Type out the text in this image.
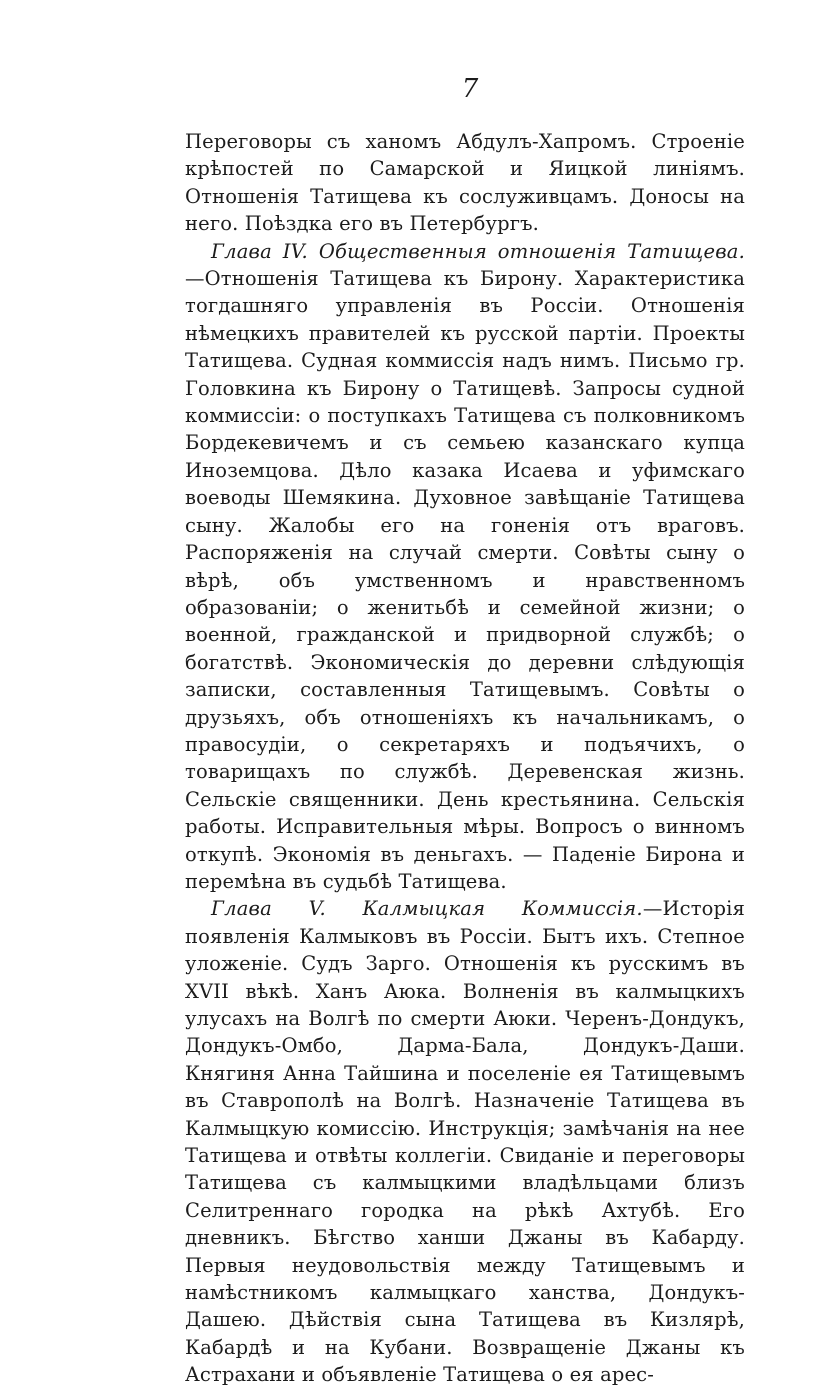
7

Переговоры съ ханомъ Абдулъ-Хапромъ. Строенiе крѣпостей по Самарской и Яицкой линiямъ. Отношенiя Татищева къ сослуживцамъ. Доносы на него. Поѣздка его въ Петербургъ.

Глава IV. Общественныя отношенiя Татищева.—Отношенiя Татищева къ Бирону. Характеристика тогдашняго управленiя въ Россiи. Отношенiя нѣмецкихъ правителей къ русской партiи. Проекты Татищева. Судная коммиссiя надъ нимъ. Письмо гр. Головкина къ Бирону о Татищевѣ. Запросы судной коммиссiи: о поступкахъ Татищева съ полковникомъ Бордекевичемъ и съ семьею казанскаго купца Иноземцова. Дѣло казака Исаева и уфимскаго воеводы Шемякина. Духовное завѣщанiе Татищева сыну. Жалобы его на гоненiя отъ враговъ. Распоряженiя на случай смерти. Совѣты сыну о вѣрѣ, объ умственномъ и нравственномъ образованiи; о женитьбѣ и семейной жизни; о военной, гражданской и придворной службѣ; о богатствѣ. Экономическiя до деревни слѣдующiя записки, составленныя Татищевымъ. Совѣты о друзьяхъ, объ отношенiяхъ къ начальникамъ, о правосудiи, о секретаряхъ и подъячихъ, о товарищахъ по службѣ. Деревенская жизнь. Сельскiе священники. День крестьянина. Сельскiя работы. Исправительныя мѣры. Вопросъ о винномъ откупѣ. Экономiя въ деньгахъ. — Паденiе Бирона и перемѣна въ судьбѣ Татищева.

Глава V. Калмыцкая Коммиссiя.—Исторiя появленiя Калмыковъ въ Россiи. Бытъ ихъ. Степное уложенiе. Судъ Зарго. Отношенiя къ русскимъ въ XVII вѣкѣ. Ханъ Аюка. Волненiя въ калмыцкихъ улусахъ на Волгѣ по смерти Аюки. Черенъ-Дондукъ, Дондукъ-Омбо, Дарма-Бала, Дондукъ-Даши. Княгиня Анна Тайшина и поселенiе ея Татищевымъ въ Ставрополѣ на Волгѣ. Назначенiе Татищева въ Калмыцкую комиссiю. Инструкцiя; замѣчанiя на нее Татищева и отвѣты коллегiи. Свиданiе и переговоры Татищева съ калмыцкими владѣльцами близъ Селитреннаго городка на рѣкѣ Ахтубѣ. Его дневникъ. Бѣгство ханши Джаны въ Кабарду. Первыя неудовольствiя между Татищевымъ и намѣстникомъ калмыцкаго ханства, Дондукъ-Дашею. Дѣйствiя сына Татищева въ Кизлярѣ, Кабардѣ и на Кубани. Возвращенiе Джаны къ Астрахани и объявленiе Татищева о ея арес-
